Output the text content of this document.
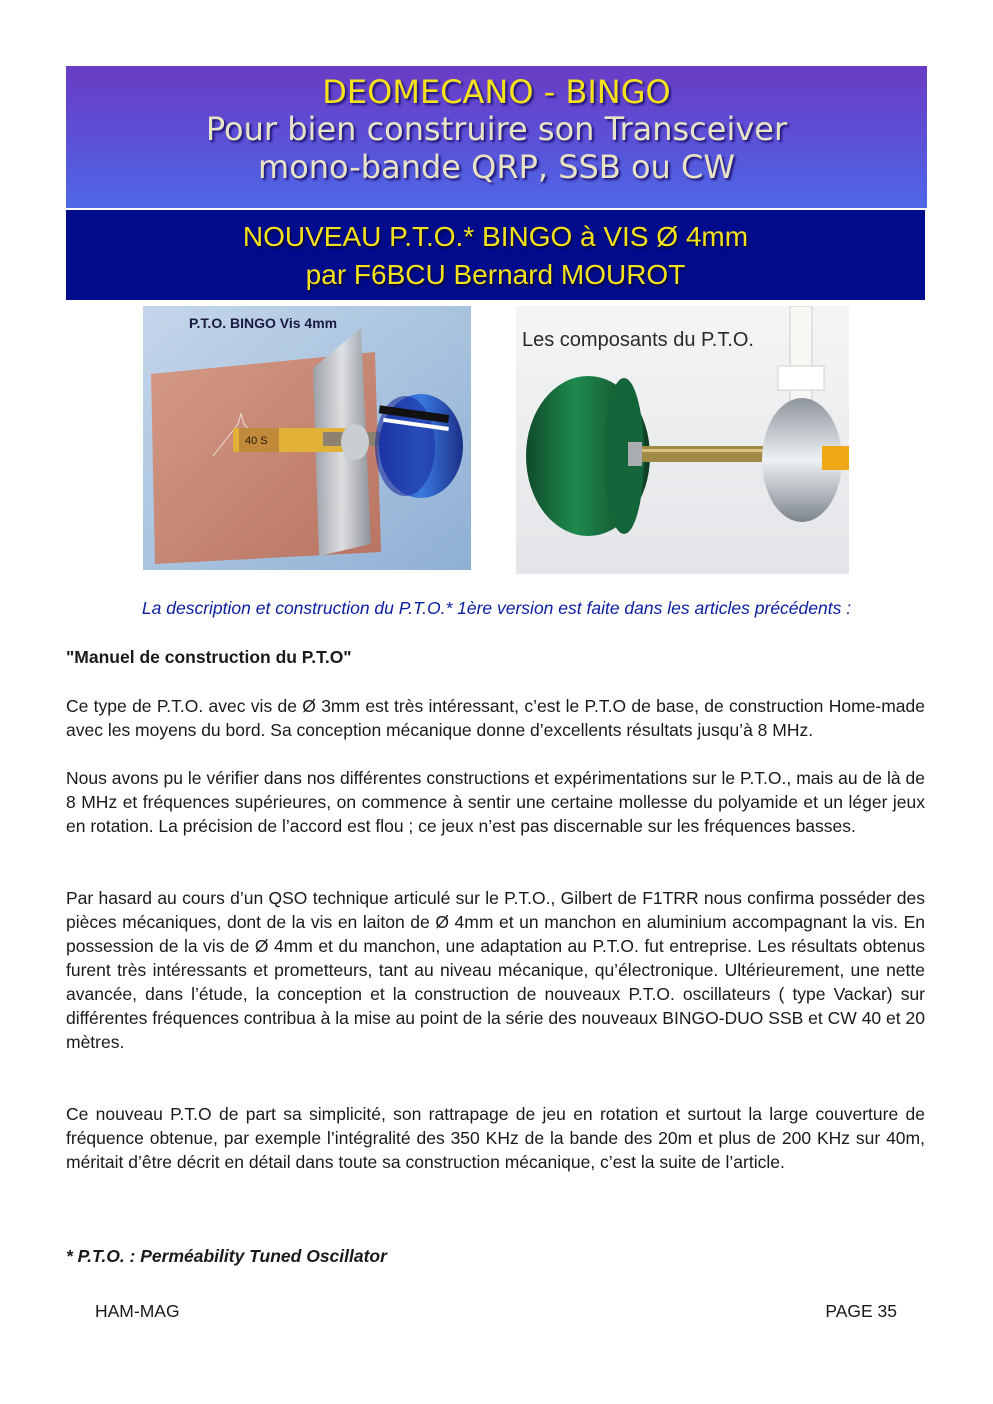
DEOMECANO - BINGO
Pour bien construire son Transceiver
mono-bande QRP, SSB ou CW
NOUVEAU P.T.O.* BINGO à VIS Ø 4mm
par F6BCU Bernard MOUROT
40 S
P.T.O. BINGO Vis 4mm
Les composants du P.T.O.
La description et construction du P.T.O.* 1ère version est faite dans les articles précédents :
"Manuel de construction du P.T.O"

Ce type de P.T.O. avec vis de Ø 3mm est très intéressant, c’est le P.T.O de base, de construction Home-made avec les moyens du bord. Sa conception mécanique donne d’excellents résultats jusqu’à 8 MHz.

Nous avons pu le vérifier dans nos différentes constructions et expérimentations sur le P.T.O., mais au de là de 8 MHz et fréquences supérieures, on commence à sentir une certaine mollesse du polyamide et un léger jeux en rotation. La précision de l’accord est flou ; ce jeux n’est pas discernable sur les fréquences basses.

Par hasard au cours d’un QSO technique articulé sur le P.T.O., Gilbert de F1TRR nous confirma posséder des pièces mécaniques, dont de la vis en laiton de Ø 4mm et un manchon en aluminium accompagnant la vis. En possession de la vis de Ø 4mm et du manchon, une adaptation au P.T.O. fut entreprise. Les résultats obtenus furent très intéressants et prometteurs, tant au niveau mécanique, qu’électronique. Ultérieurement, une nette avancée, dans l’étude, la conception et la construction de nouveaux P.T.O. oscillateurs ( type Vackar) sur différentes fréquences contribua à la mise au point de la série des nouveaux BINGO-DUO SSB et CW 40 et 20 mètres.

Ce nouveau P.T.O de part sa simplicité, son rattrapage de jeu en rotation et surtout la large couverture de fréquence obtenue, par exemple l’intégralité des 350 KHz de la bande des 20m et plus de 200 KHz sur 40m, méritait d’être décrit en détail dans toute sa construction mécanique, c’est la suite de l’article.

* P.T.O. : Perméability Tuned Oscillator
HAM-MAG	PAGE 35
